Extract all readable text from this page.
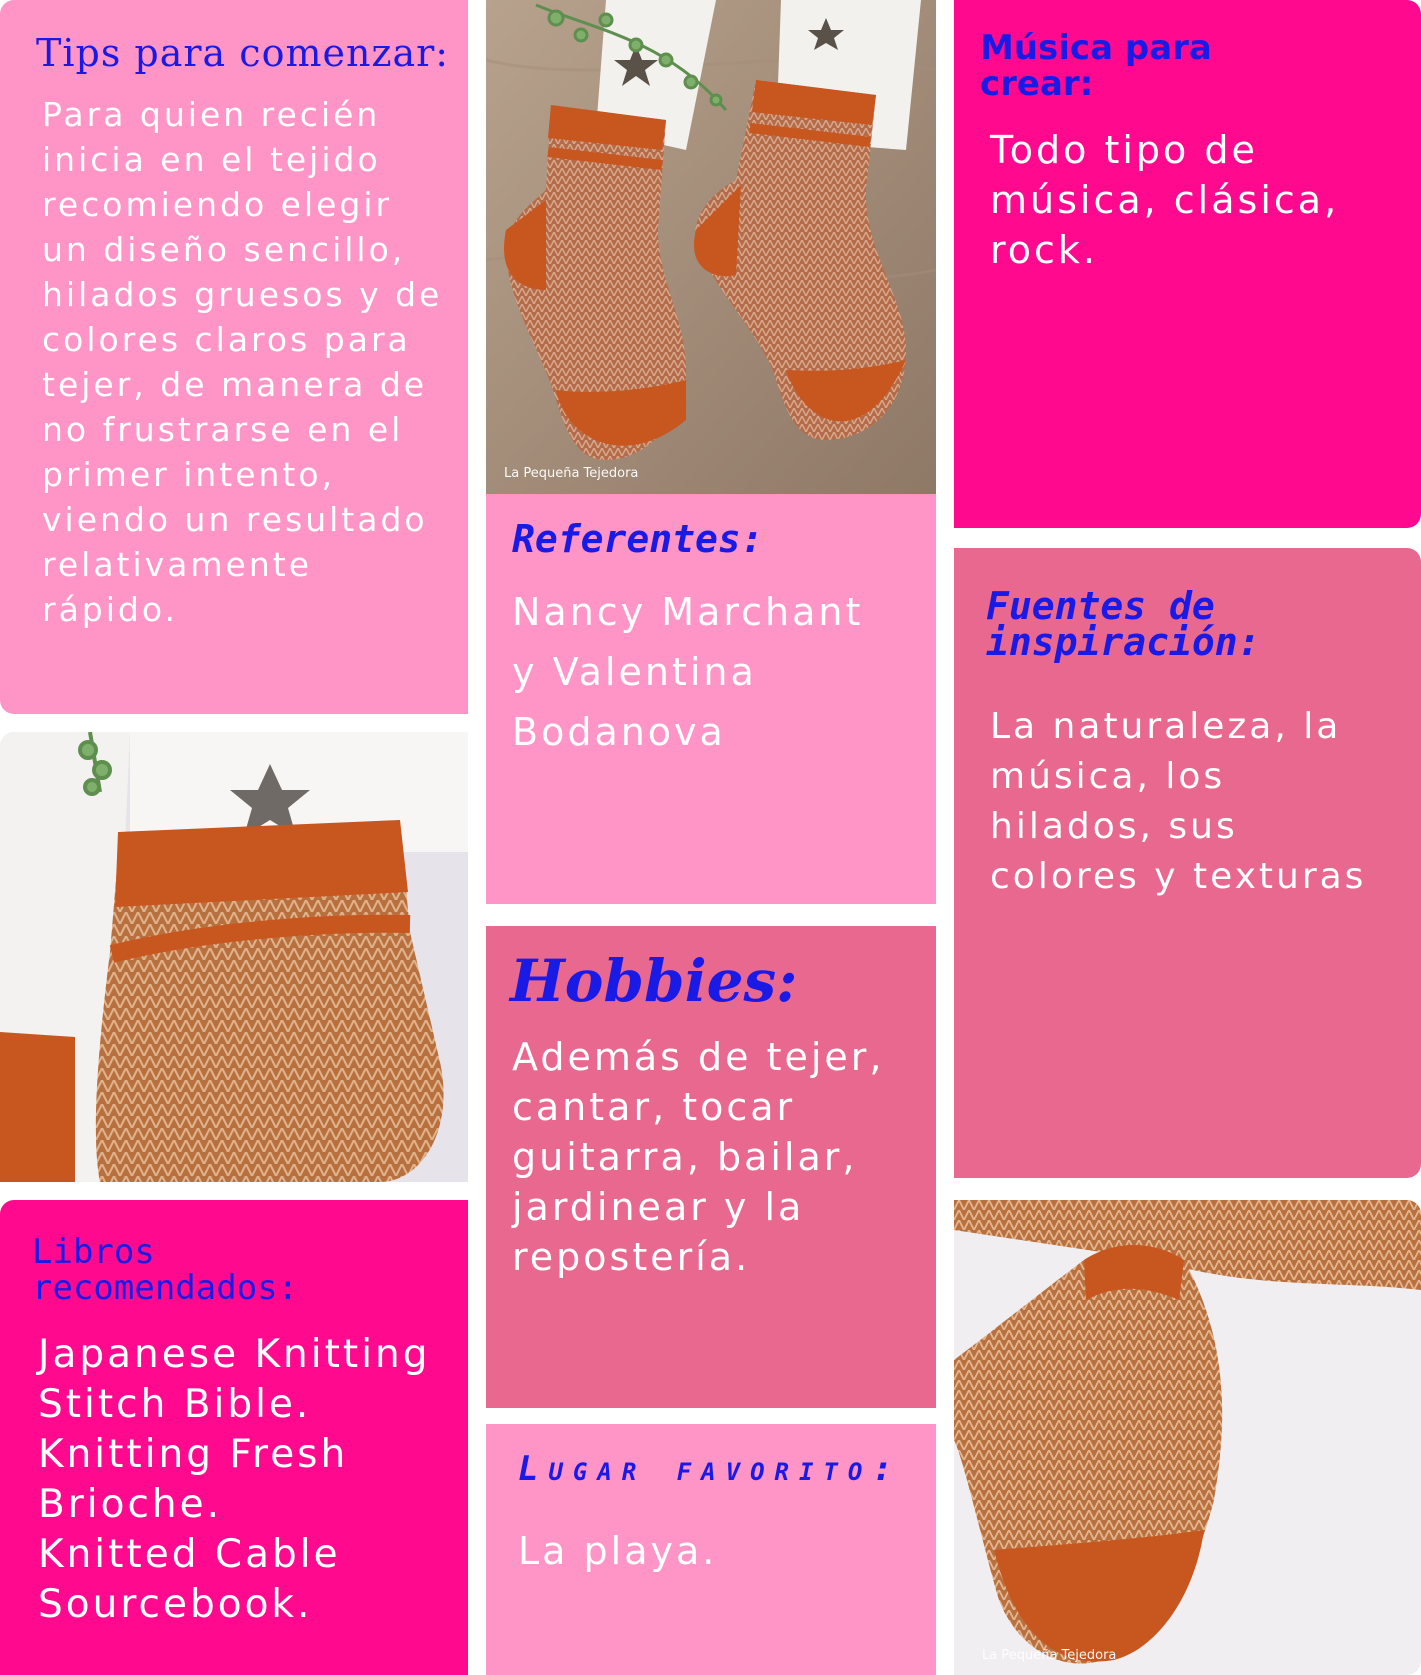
Tips para comenzar:

Para quien recién
inicia en el tejido
recomiendo elegir
un diseño sencillo,
hilados gruesos y de
colores claros para
tejer, de manera de
no frustrarse en el
primer intento,
viendo un resultado
relativamente
rápido.

La Pequeña Tejedora
Música para
crear:

Todo tipo de
música, clásica,
rock.

Referentes:

Nancy Marchant
y Valentina
Bodanova

Fuentes de
inspiración:

La naturaleza, la
música, los
hilados, sus
colores y texturas

Hobbies:

Además de tejer,
cantar, tocar
guitarra, bailar,
jardinear y la
repostería.

Libros
recomendados:

Japanese Knitting
Stitch Bible.
Knitting Fresh
Brioche.
Knitted Cable
Sourcebook.

Lugar favorito:

La playa.

La Pequeña Tejedora
